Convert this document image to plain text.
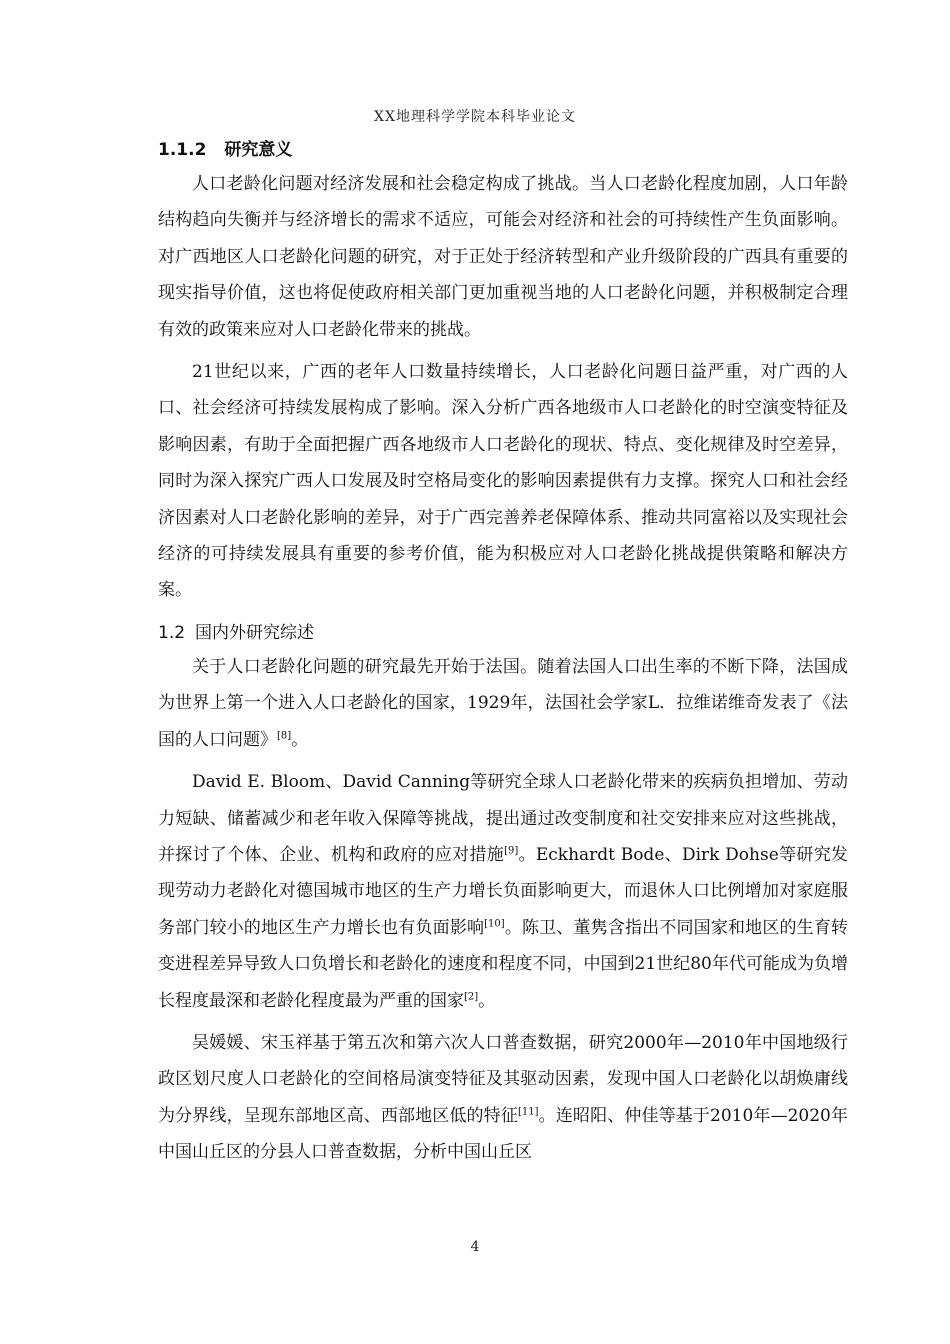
XX地理科学学院本科毕业论文
1.1.2 研究意义

人口老龄化问题对经济发展和社会稳定构成了挑战。当人口老龄化程度加剧，人口年龄结构趋向失衡并与经济增长的需求不适应，可能会对经济和社会的可持续性产生负面影响。对广西地区人口老龄化问题的研究，对于正处于经济转型和产业升级阶段的广西具有重要的现实指导价值，这也将促使政府相关部门更加重视当地的人口老龄化问题，并积极制定合理有效的政策来应对人口老龄化带来的挑战。

21世纪以来，广西的老年人口数量持续增长，人口老龄化问题日益严重，对广西的人口、社会经济可持续发展构成了影响。深入分析广西各地级市人口老龄化的时空演变特征及影响因素，有助于全面把握广西各地级市人口老龄化的现状、特点、变化规律及时空差异，同时为深入探究广西人口发展及时空格局变化的影响因素提供有力支撑。探究人口和社会经济因素对人口老龄化影响的差异，对于广西完善养老保障体系、推动共同富裕以及实现社会经济的可持续发展具有重要的参考价值，能为积极应对人口老龄化挑战提供策略和解决方案。

1.2 国内外研究综述

关于人口老龄化问题的研究最先开始于法国。随着法国人口出生率的不断下降，法国成为世界上第一个进入人口老龄化的国家，1929年，法国社会学家L．拉维诺维奇发表了《法国的人口问题》[8]。

David E. Bloom、David Canning等研究全球人口老龄化带来的疾病负担增加、劳动力短缺、储蓄减少和老年收入保障等挑战，提出通过改变制度和社交安排来应对这些挑战，并探讨了个体、企业、机构和政府的应对措施[9]。Eckhardt Bode、Dirk Dohse等研究发现劳动力老龄化对德国城市地区的生产力增长负面影响更大，而退休人口比例增加对家庭服务部门较小的地区生产力增长也有负面影响[10]。陈卫、董隽含指出不同国家和地区的生育转变进程差异导致人口负增长和老龄化的速度和程度不同，中国到21世纪80年代可能成为负增长程度最深和老龄化程度最为严重的国家[2]。

吴媛媛、宋玉祥基于第五次和第六次人口普查数据，研究2000年—2010年中国地级行政区划尺度人口老龄化的空间格局演变特征及其驱动因素，发现中国人口老龄化以胡焕庸线为分界线，呈现东部地区高、西部地区低的特征[11]。连昭阳、仲佳等基于2010年—2020年中国山丘区的分县人口普查数据，分析中国山丘区

4
